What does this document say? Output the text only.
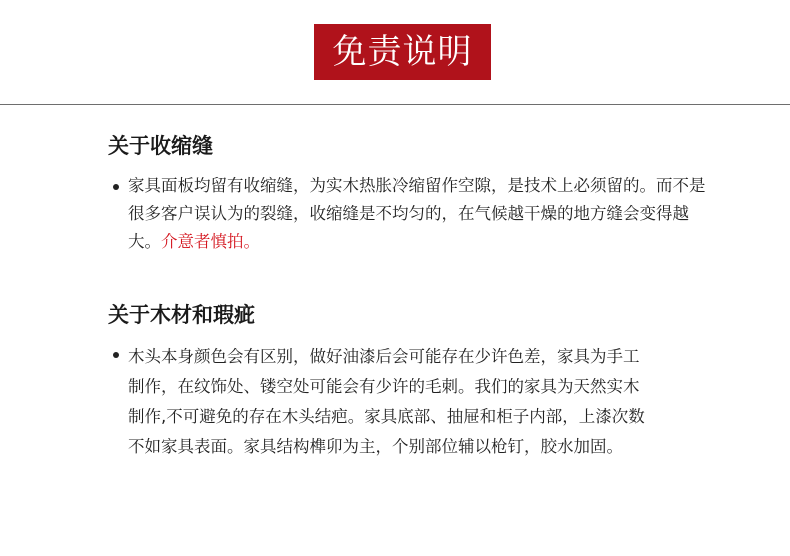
免责说明
关于收缩缝

家具面板均留有收缩缝，为实木热胀冷缩留作空隙，是技术上必须留的。而不是很多客户误认为的裂缝，收缩缝是不均匀的，在气候越干燥的地方缝会变得越大。介意者慎拍。

关于木材和瑕疵

木头本身颜色会有区别，做好油漆后会可能存在少许色差，家具为手工制作，在纹饰处、镂空处可能会有少许的毛刺。我们的家具为天然实木制作,不可避免的存在木头结疤。家具底部、抽屉和柜子内部，上漆次数不如家具表面。家具结构榫卯为主，个别部位辅以枪钉，胶水加固。
